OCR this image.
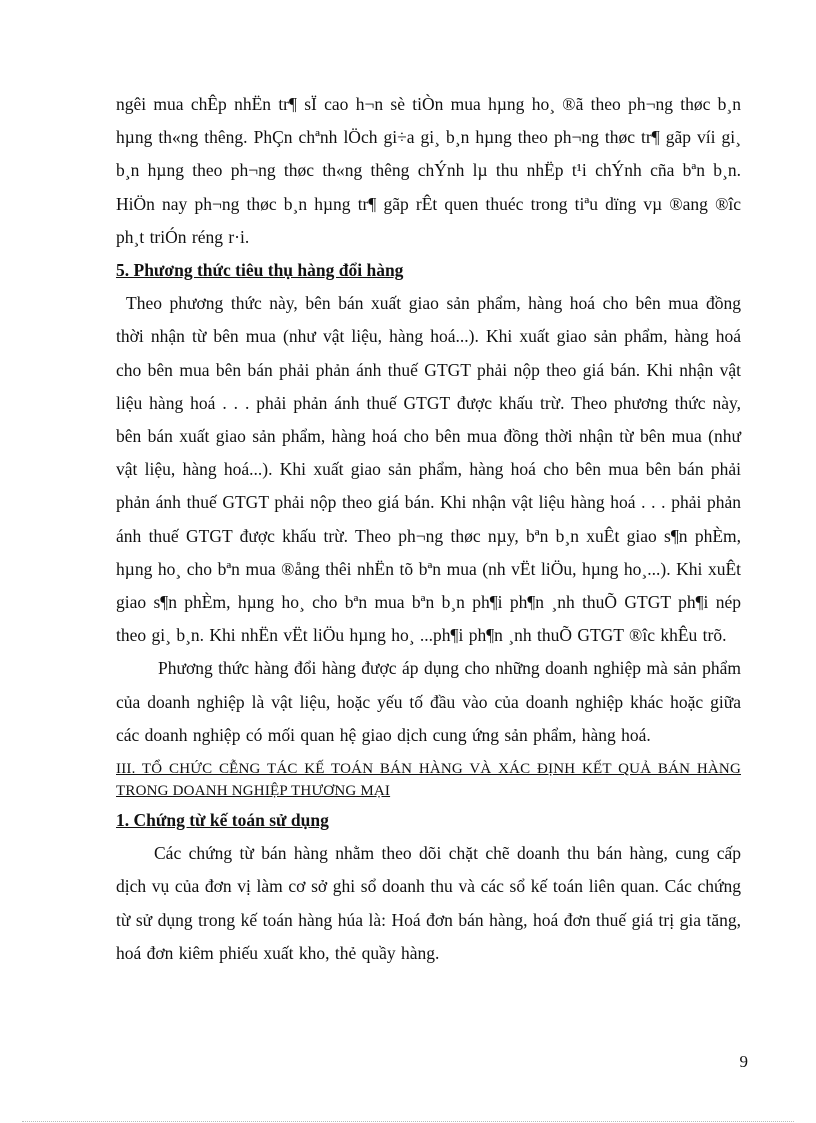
ngêi mua chÊp nhËn tr¶ sÏ cao h¬n sè tiÒn mua hµng ho¸ ®ã theo ph¬ng thøc b¸n hµng th«ng thêng. PhÇn chªnh lÖch gi÷a gi¸ b¸n hµng theo ph¬ng thøc tr¶ gãp víi gi¸ b¸n hµng theo ph¬ng thøc th«ng thêng chÝnh lµ thu nhËp t¹i chÝnh cña bªn b¸n. HiÖn nay ph¬ng thøc b¸n hµng tr¶ gãp rÊt quen thuéc trong tiªu dïng vµ ®ang ®îc ph¸t triÓn réng r·i.

5. Phương thức tiêu thụ hàng đổi hàng

Theo phương thức này, bên bán xuất giao sản phẩm, hàng hoá cho bên mua đồng thời nhận từ bên mua (như vật liệu, hàng hoá...). Khi xuất giao sản phẩm, hàng hoá cho bên mua bên bán phải phản ánh thuế GTGT phải nộp theo giá bán. Khi nhận vật liệu hàng hoá . . . phải phản ánh thuế GTGT được khấu trừ. Theo phương thức này, bên bán xuất giao sản phẩm, hàng hoá cho bên mua đồng thời nhận từ bên mua (như vật liệu, hàng hoá...). Khi xuất giao sản phẩm, hàng hoá cho bên mua bên bán phải phản ánh thuế GTGT phải nộp theo giá bán. Khi nhận vật liệu hàng hoá . . . phải phản ánh thuế GTGT được khấu trừ. Theo ph¬ng thøc nµy, bªn b¸n xuÊt giao s¶n phÈm, hµng ho¸ cho bªn mua ®ång thêi nhËn tõ bªn mua (nh vËt liÖu, hµng ho¸...). Khi xuÊt giao s¶n phÈm, hµng ho¸ cho bªn mua bªn b¸n ph¶i ph¶n ¸nh thuÕ GTGT ph¶i nép theo gi¸ b¸n. Khi nhËn vËt liÖu hµng ho¸ ...ph¶i ph¶n ¸nh thuÕ GTGT ®îc khÊu trõ.

Phương thức hàng đổi hàng được áp dụng cho những doanh nghiệp mà sản phẩm của doanh nghiệp là vật liệu, hoặc yếu tố đầu vào của doanh nghiệp khác hoặc giữa các doanh nghiệp có mối quan hệ giao dịch cung ứng sản phẩm, hàng hoá.

III. TỔ CHỨC CỄNG TÁC KẾ TOÁN BÁN HÀNG VÀ XÁC ĐỊNH KẾT QUẢ BÁN HÀNG TRONG DOANH NGHIỆP THƯƠNG MẠI

1. Chứng từ kế toán sử dụng

Các chứng từ bán hàng nhằm theo dõi chặt chẽ doanh thu bán hàng, cung cấp dịch vụ của đơn vị làm cơ sở ghi sổ doanh thu và các sổ kế toán liên quan. Các chứng từ sử dụng trong kế toán hàng húa là: Hoá đơn bán hàng, hoá đơn thuế giá trị gia tăng, hoá đơn kiêm phiếu xuất kho, thẻ quầy hàng.

9
